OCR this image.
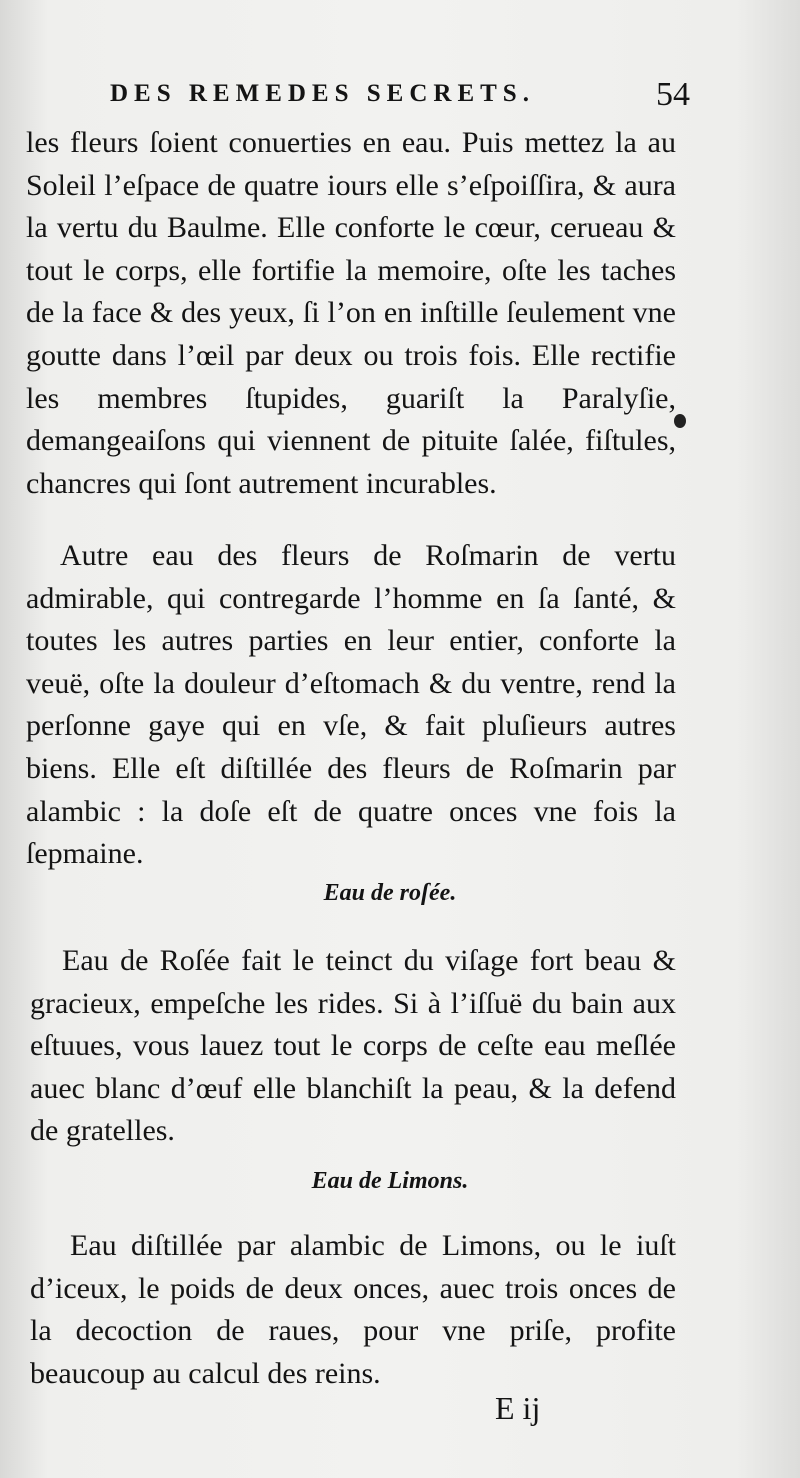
DES REMEDES SECRETS.	54
les fleurs ſoient conuerties en eau. Puis mettez la au Soleil l’eſpace de quatre iours elle s’eſpoiſſira, & aura la vertu du Baulme. Elle conforte le cœur, cerueau & tout le corps, elle fortifie la memoire, oſte les taches de la face & des yeux, ſi l’on en inſtille ſeulement vne goutte dans l’œil par deux ou trois fois. Elle rectifie les membres ſtupides, guariſt la Paralyſie, demangeaiſons qui viennent de pituite ſalée, fiſtules, chancres qui ſont autrement incurables.
Autre eau des fleurs de Roſmarin de vertu admirable, qui contregarde l’homme en ſa ſanté, & toutes les autres parties en leur entier, conforte la veuë, oſte la douleur d’eſtomach & du ventre, rend la perſonne gaye qui en vſe, & fait pluſieurs autres biens. Elle eſt diſtillée des fleurs de Roſmarin par alambic : la doſe eſt de quatre onces vne fois la ſepmaine.
Eau de roſée.
Eau de Roſée fait le teinct du viſage fort beau & gracieux, empeſche les rides. Si à l’iſſuë du bain aux eſtuues, vous lauez tout le corps de ceſte eau meſlée auec blanc d’œuf elle blanchiſt la peau, & la defend de gratelles.
Eau de Limons.
Eau diſtillée par alambic de Limons, ou le iuſt d’iceux, le poids de deux onces, auec trois onces de la decoction de raues, pour vne priſe, profite beaucoup au calcul des reins.
E ij
